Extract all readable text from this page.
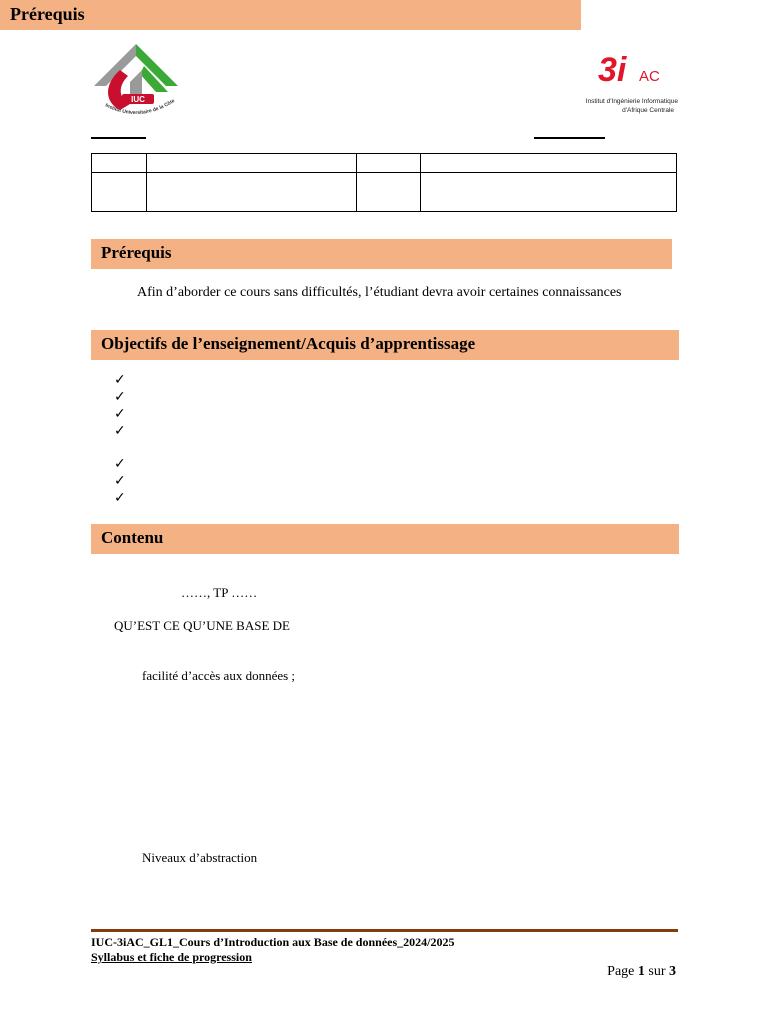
Prérequis
IUC
Institut Universitaire de la Côte
3i AC
Institut d'Ingénierie Informatique
d'Afrique Centrale

Prérequis
Afin d’aborder ce cours sans difficultés, l’étudiant devra avoir certaines connaissances
Objectifs de l’enseignement/Acquis d’apprentissage
✓
✓
✓
✓
✓
✓
✓
Contenu
……, TP ……
QU’EST CE QU’UNE BASE DE
facilité d’accès aux données ;
Niveaux d’abstraction
IUC-3iAC_GL1_Cours d’Introduction aux Base de données_2024/2025
Syllabus et fiche de progression
Page 1 sur 3
